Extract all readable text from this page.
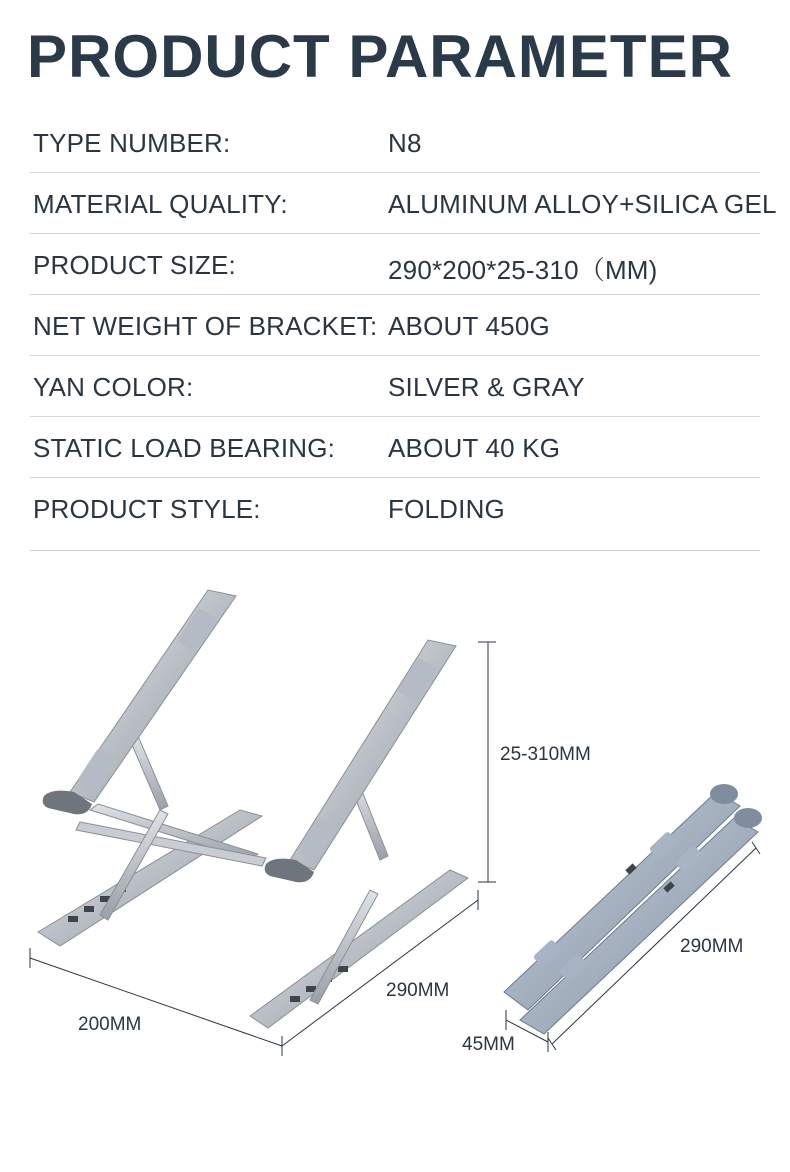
PRODUCT PARAMETER
TYPE NUMBER:	N8
MATERIAL QUALITY:	ALUMINUM ALLOY+SILICA GEL
PRODUCT SIZE:	290*200*25-310（MM)
NET WEIGHT OF BRACKET: ABOUT 450G
YAN COLOR:	SILVER & GRAY
STATIC LOAD BEARING: ABOUT 40 KG
PRODUCT STYLE:	FOLDING
25-310MM
290MM
200MM
290MM
45MM
